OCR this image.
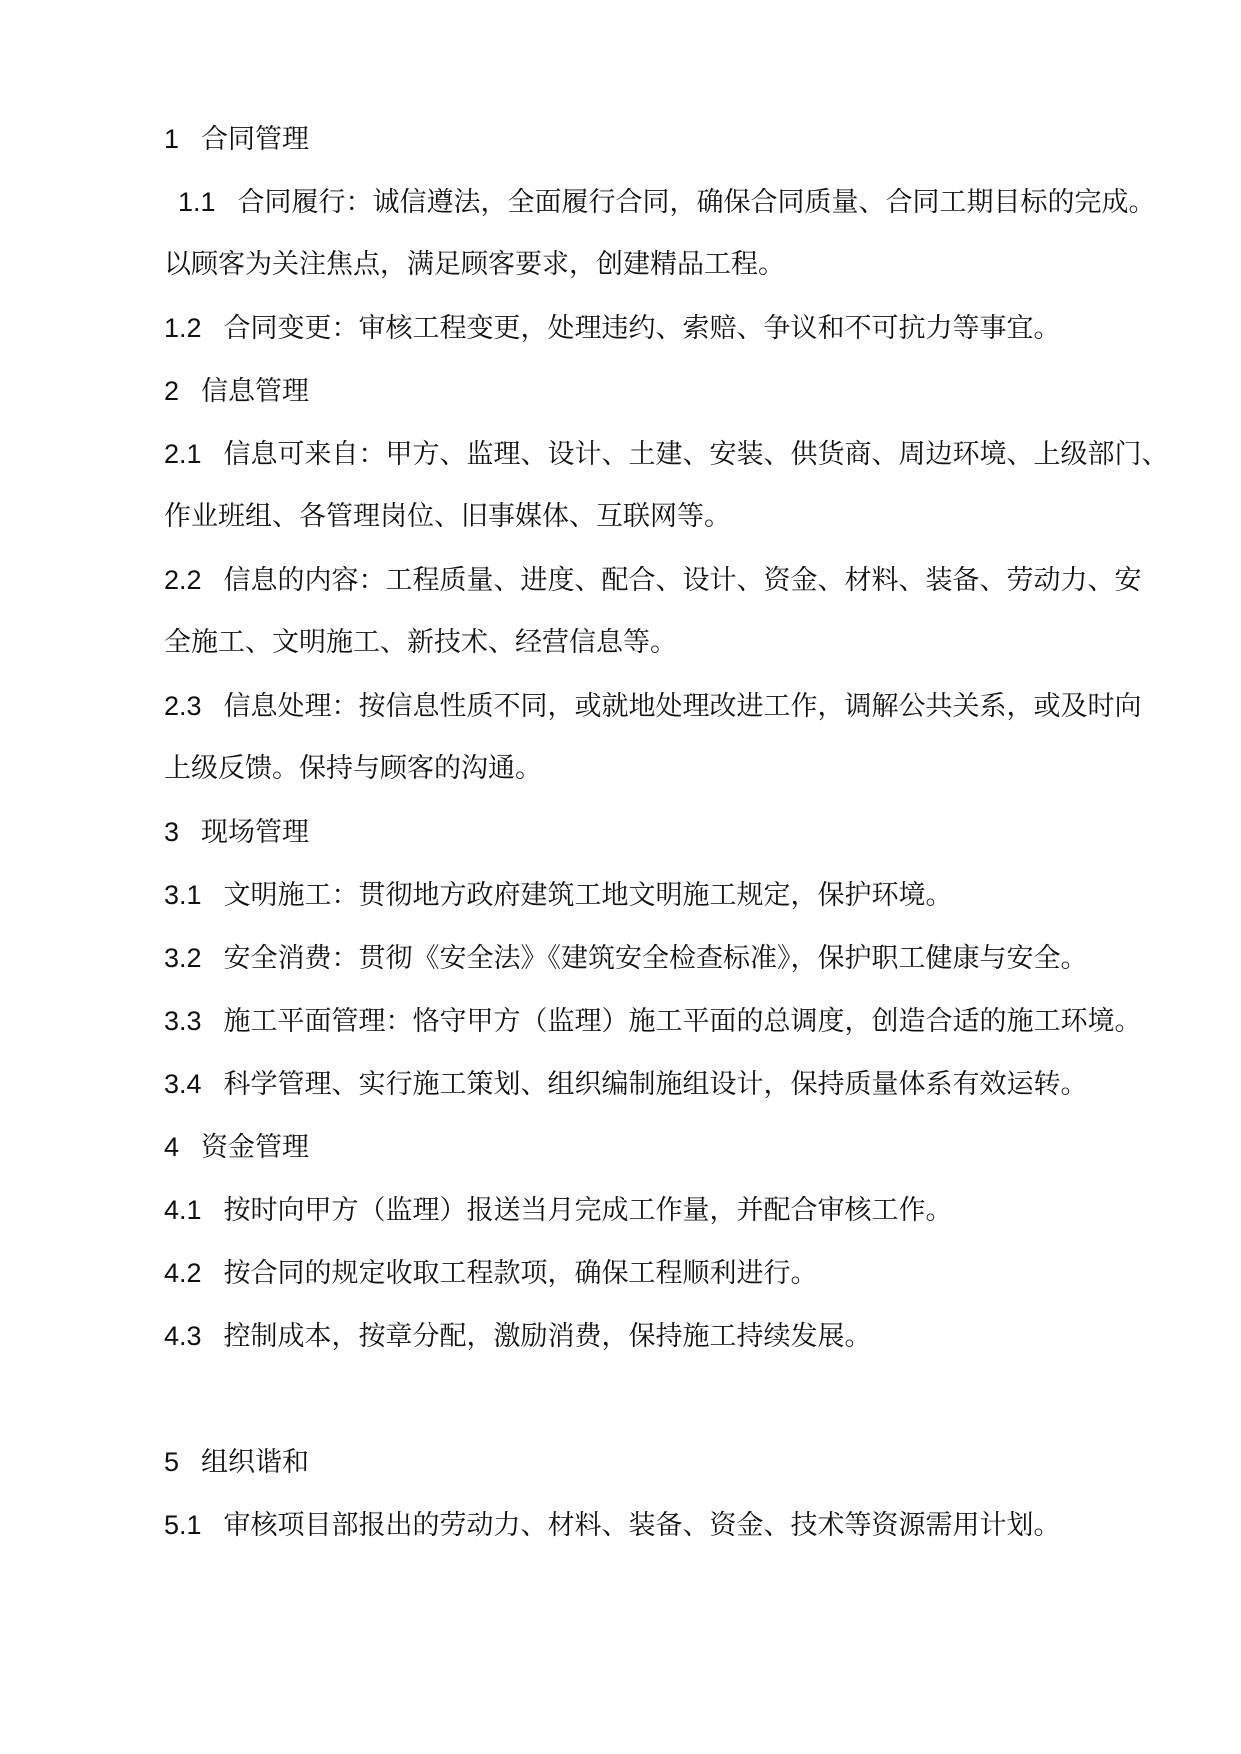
1 合同管理
1.1 合同履行：诚信遵法，全面履行合同，确保合同质量、合同工期目标的完成。
以顾客为关注焦点，满足顾客要求，创建精品工程。
1.2 合同变更：审核工程变更，处理违约、索赔、争议和不可抗力等事宜。
2 信息管理
2.1 信息可来自：甲方、监理、设计、土建、安装、供货商、周边环境、上级部门、
作业班组、各管理岗位、旧事媒体、互联网等。
2.2 信息的内容：工程质量、进度、配合、设计、资金、材料、装备、劳动力、安
全施工、文明施工、新技术、经营信息等。
2.3 信息处理：按信息性质不同，或就地处理改进工作，调解公共关系，或及时向
上级反馈。保持与顾客的沟通。
3 现场管理
3.1 文明施工：贯彻地方政府建筑工地文明施工规定，保护环境。
3.2 安全消费：贯彻《安全法》《建筑安全检查标准》，保护职工健康与安全。
3.3 施工平面管理：恪守甲方（监理）施工平面的总调度，创造合适的施工环境。
3.4 科学管理、实行施工策划、组织编制施组设计，保持质量体系有效运转。
4 资金管理
4.1 按时向甲方（监理）报送当月完成工作量，并配合审核工作。
4.2 按合同的规定收取工程款项，确保工程顺利进行。
4.3 控制成本，按章分配，激励消费，保持施工持续发展。
5 组织谐和
5.1 审核项目部报出的劳动力、材料、装备、资金、技术等资源需用计划。
